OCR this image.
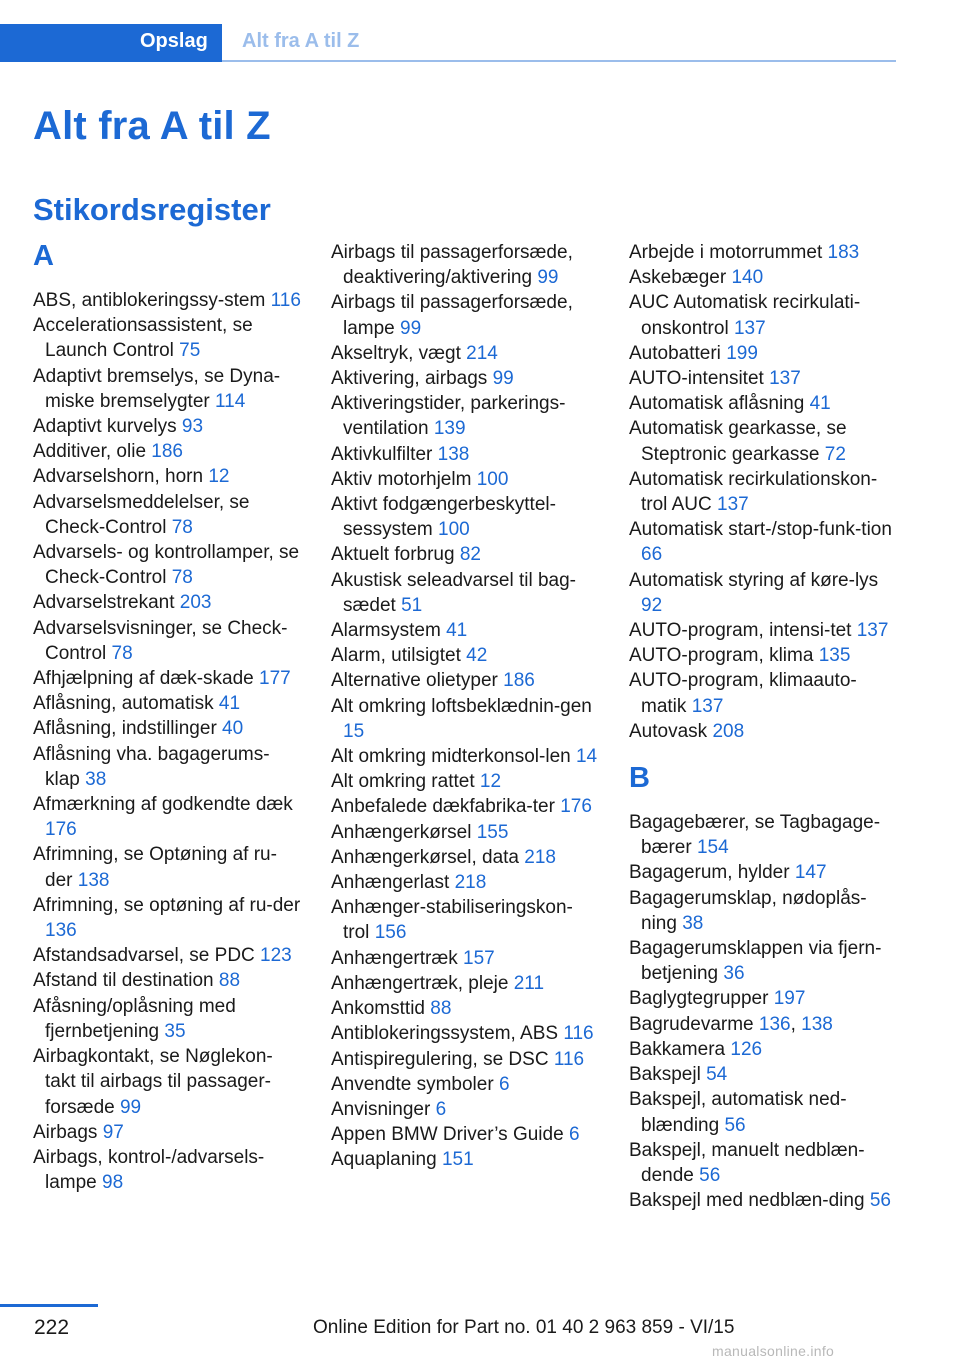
Opslag Alt fra A til Z
Alt fra A til Z
Stikordsregister
A
ABS, antiblokeringssy-stem 116
Accelerationsassistent, se Launch Control 75
Adaptivt bremselys, se Dyna-miske bremselygter 114
Adaptivt kurvelys 93
Additiver, olie 186
Advarselshorn, horn 12
Advarselsmeddelelser, se Check-Control 78
Advarsels- og kontrollamper, se Check-Control 78
Advarselstrekant 203
Advarselsvisninger, se Check-Control 78
Afhjælpning af dæk-skade 177
Aflåsning, automatisk 41
Aflåsning, indstillinger 40
Aflåsning vha. bagagerums-klap 38
Afmærkning af godkendte dæk 176
Afrimning, se Optøning af ru-der 138
Afrimning, se optøning af ru-der 136
Afstandsadvarsel, se PDC 123
Afstand til destination 88
Afåsning/oplåsning med fjernbetjening 35
Airbagkontakt, se Nøglekon-takt til airbags til passager-forsæde 99
Airbags 97
Airbags, kontrol-/advarsels-lampe 98
Airbags til passagerforsæde, deaktivering/aktivering 99
Airbags til passagerforsæde, lampe 99
Akseltryk, vægt 214
Aktivering, airbags 99
Aktiveringstider, parkerings-ventilation 139
Aktivkulfilter 138
Aktiv motorhjelm 100
Aktivt fodgængerbeskyttel-sessystem 100
Aktuelt forbrug 82
Akustisk seleadvarsel til bag-sædet 51
Alarmsystem 41
Alarm, utilsigtet 42
Alternative olietyper 186
Alt omkring loftsbeklædnin-gen 15
Alt omkring midterkonsol-len 14
Alt omkring rattet 12
Anbefalede dækfabrika-ter 176
Anhængerkørsel 155
Anhængerkørsel, data 218
Anhængerlast 218
Anhænger-stabiliseringskon-trol 156
Anhængertræk 157
Anhængertræk, pleje 211
Ankomsttid 88
Antiblokeringssystem, ABS 116
Antispiregulering, se DSC 116
Anvendte symboler 6
Anvisninger 6
Appen BMW Driver’s Guide 6
Aquaplaning 151
Arbejde i motorrummet 183
Askebæger 140
AUC Automatisk recirkulati-onskontrol 137
Autobatteri 199
AUTO-intensitet 137
Automatisk aflåsning 41
Automatisk gearkasse, se Steptronic gearkasse 72
Automatisk recirkulationskon-trol AUC 137
Automatisk start-/stop-funk-tion 66
Automatisk styring af køre-lys 92
AUTO-program, intensi-tet 137
AUTO-program, klima 135
AUTO-program, klimaauto-matik 137
Autovask 208
B
Bagagebærer, se Tagbagage-bærer 154
Bagagerum, hylder 147
Bagagerumsklap, nødoplås-ning 38
Bagagerumsklappen via fjern-betjening 36
Baglygtegrupper 197
Bagrudevarme 136, 138
Bakkamera 126
Bakspejl 54
Bakspejl, automatisk ned-blænding 56
Bakspejl, manuelt nedblæn-dende 56
Bakspejl med nedblæn-ding 56
222	Online Edition for Part no. 01 40 2 963 859 - VI/15
manualsonline.info
